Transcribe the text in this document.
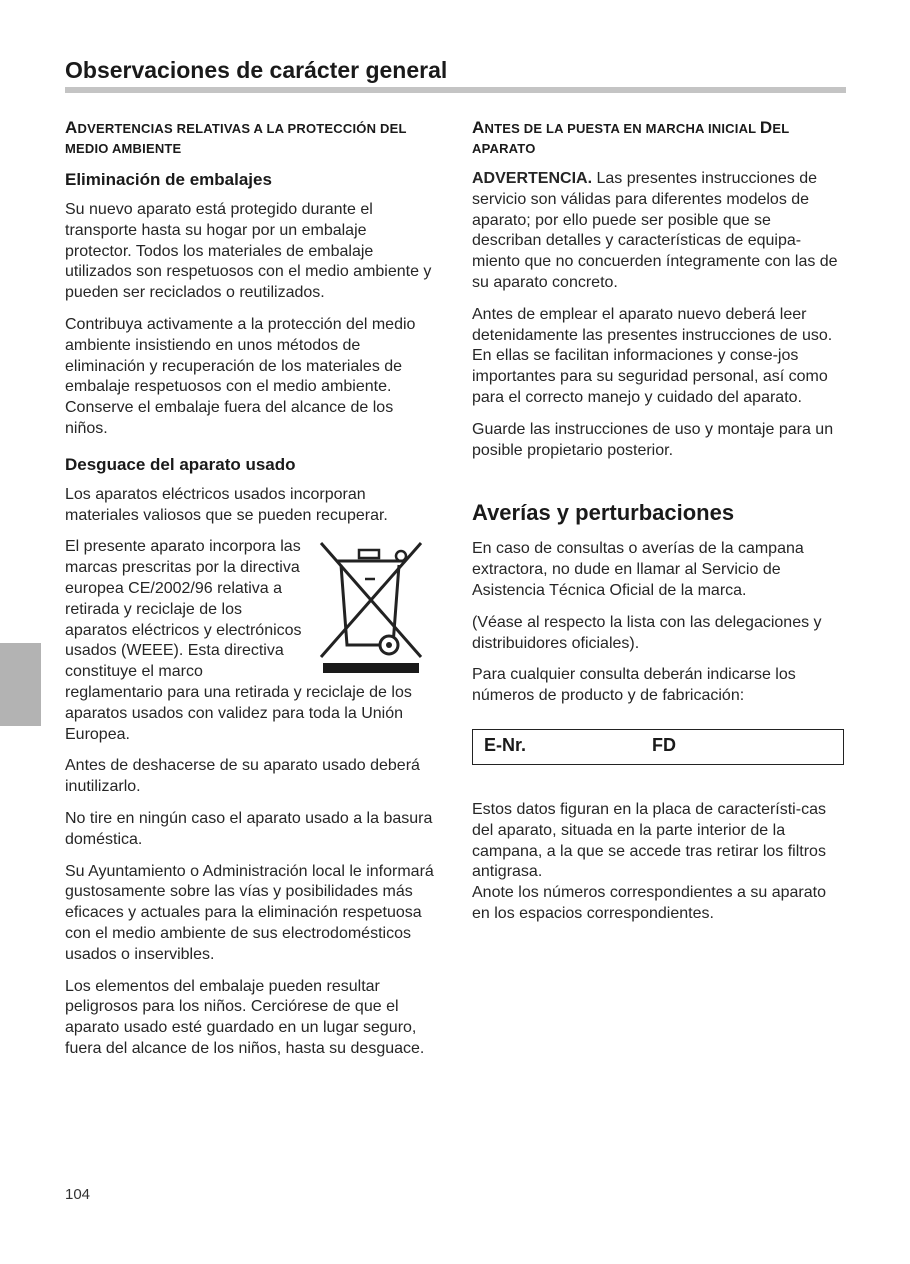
Observaciones de carácter general
ADVERTENCIAS RELATIVAS A LA PROTECCIÓN DEL MEDIO AMBIENTE
Eliminación de embalajes

Su nuevo aparato está protegido durante el transporte hasta su hogar por un embalaje protector. Todos los materiales de embalaje utilizados son respetuosos con el medio ambiente y pueden ser reciclados o reutilizados.

Contribuya activamente a la protección del medio ambiente insistiendo en unos métodos de eliminación y recuperación de los materiales de embalaje respetuosos con el medio ambiente. Conserve el embalaje fuera del alcance de los niños.

Desguace del aparato usado

Los aparatos eléctricos usados incorporan materiales valiosos que se pueden recuperar.

El presente aparato incorpora las marcas prescritas por la directiva europea CE/2002/96 relativa a retirada y reciclaje de los aparatos eléctricos y electrónicos usados (WEEE). Esta directiva constituye el marco reglamentario para una retirada y reciclaje de los aparatos usados con validez para toda la Unión Europea.

Antes de deshacerse de su aparato usado deberá inutilizarlo.

No tire en ningún caso el aparato usado a la basura doméstica.

Su Ayuntamiento o Administración local le informará gustosamente sobre las vías y posibilidades más eficaces y actuales para la eliminación respetuosa con el medio ambiente de sus electrodomésticos usados o inservibles.

Los elementos del embalaje pueden resultar peligrosos para los niños. Cerciórese de que el aparato usado esté guardado en un lugar seguro, fuera del alcance de los niños, hasta su desguace.

ANTES DE LA PUESTA EN MARCHA INICIAL DEL APARATO

ADVERTENCIA. Las presentes instrucciones de servicio son válidas para diferentes modelos de aparato; por ello puede ser posible que se describan detalles y características de equipa-miento que no concuerden íntegramente con las de su aparato concreto.

Antes de emplear el aparato nuevo deberá leer detenidamente las presentes instrucciones de uso. En ellas se facilitan informaciones y conse-jos importantes para su seguridad personal, así como para el correcto manejo y cuidado del aparato.

Guarde las instrucciones de uso y montaje para un posible propietario posterior.

Averías y perturbaciones

En caso de consultas o averías de la campana extractora, no dude en llamar al Servicio de Asistencia Técnica Oficial de la marca.

(Véase al respecto la lista con las delegaciones y distribuidores oficiales).

Para cualquier consulta deberán indicarse los números de producto y de fabricación:

E-Nr.	FD

Estos datos figuran en la placa de característi-cas del aparato, situada en la parte interior de la campana, a la que se accede tras retirar los filtros antigrasa.

Anote los números correspondientes a su aparato en los espacios correspondientes.

104
